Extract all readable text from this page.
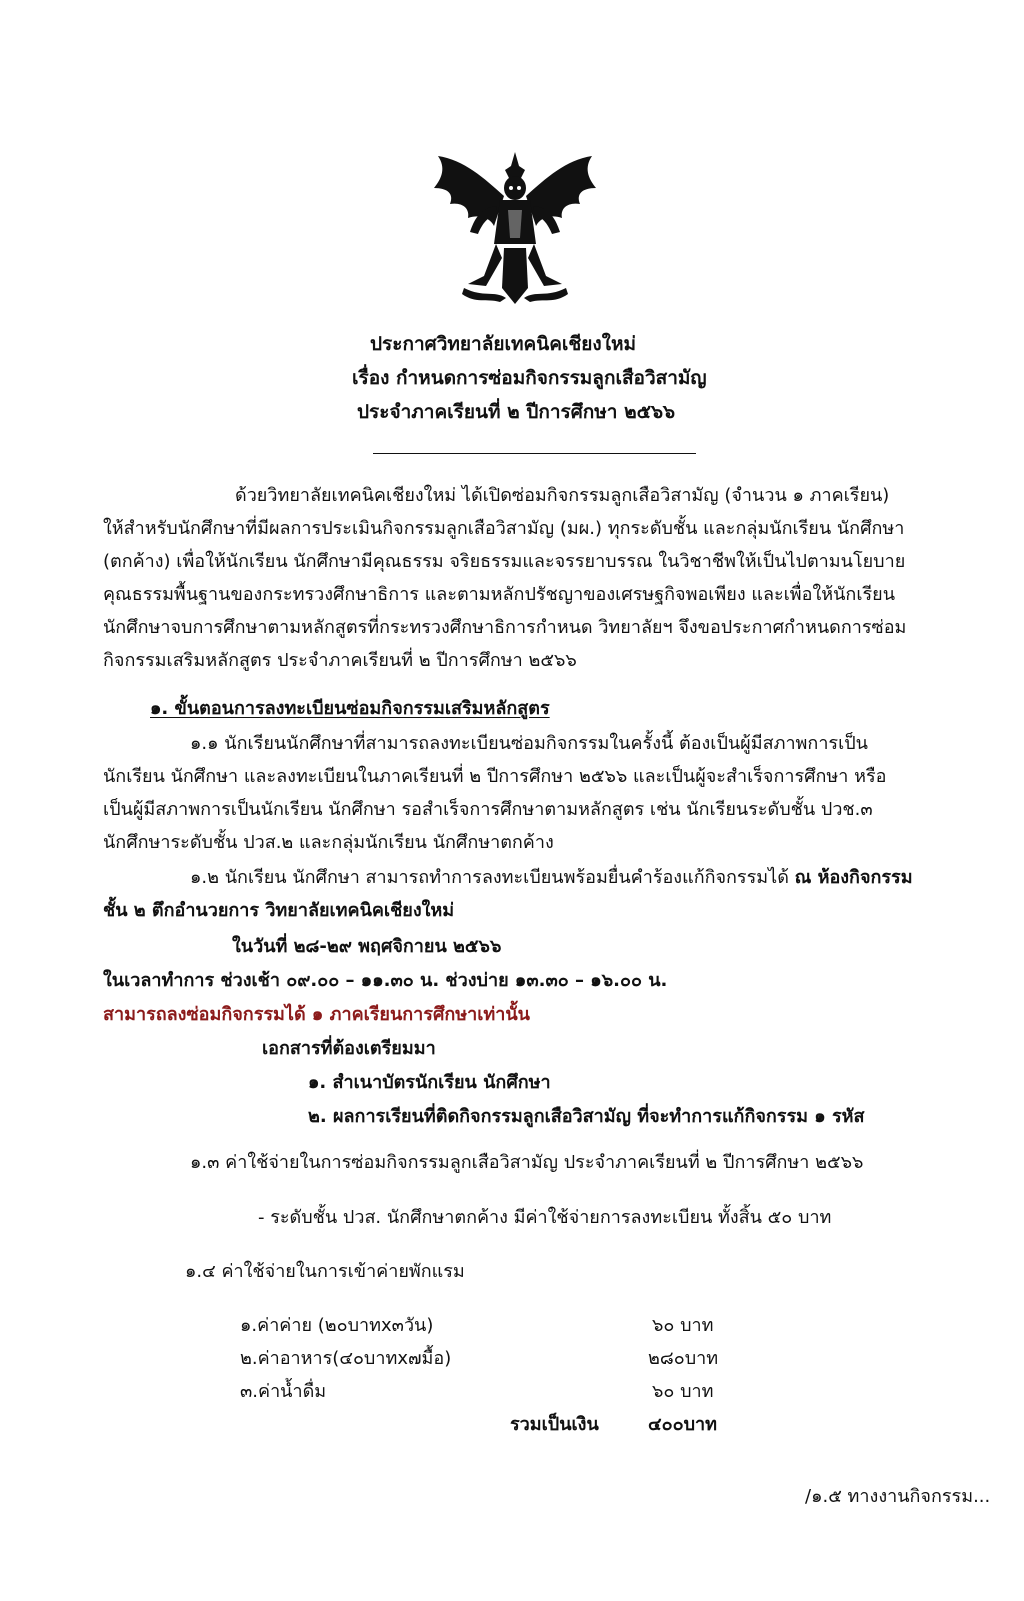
ประกาศวิทยาลัยเทคนิคเชียงใหม่
เรื่อง กำหนดการซ่อมกิจกรรมลูกเสือวิสามัญ
ประจำภาคเรียนที่ ๒ ปีการศึกษา ๒๕๖๖
ด้วยวิทยาลัยเทคนิคเชียงใหม่ ได้เปิดซ่อมกิจกรรมลูกเสือวิสามัญ (จำนวน ๑ ภาคเรียน)
ให้สำหรับนักศึกษาที่มีผลการประเมินกิจกรรมลูกเสือวิสามัญ (มผ.) ทุกระดับชั้น และกลุ่มนักเรียน นักศึกษา
(ตกค้าง) เพื่อให้นักเรียน นักศึกษามีคุณธรรม จริยธรรมและจรรยาบรรณ ในวิชาชีพให้เป็นไปตามนโยบาย
คุณธรรมพื้นฐานของกระทรวงศึกษาธิการ และตามหลักปรัชญาของเศรษฐกิจพอเพียง และเพื่อให้นักเรียน
นักศึกษาจบการศึกษาตามหลักสูตรที่กระทรวงศึกษาธิการกำหนด วิทยาลัยฯ จึงขอประกาศกำหนดการซ่อม
กิจกรรมเสริมหลักสูตร ประจำภาคเรียนที่ ๒ ปีการศึกษา ๒๕๖๖
๑. ขั้นตอนการลงทะเบียนซ่อมกิจกรรมเสริมหลักสูตร
๑.๑ นักเรียนนักศึกษาที่สามารถลงทะเบียนซ่อมกิจกรรมในครั้งนี้ ต้องเป็นผู้มีสภาพการเป็น
นักเรียน นักศึกษา และลงทะเบียนในภาคเรียนที่ ๒ ปีการศึกษา ๒๕๖๖ และเป็นผู้จะสำเร็จการศึกษา หรือ
เป็นผู้มีสภาพการเป็นนักเรียน นักศึกษา รอสำเร็จการศึกษาตามหลักสูตร เช่น นักเรียนระดับชั้น ปวช.๓
นักศึกษาระดับชั้น ปวส.๒ และกลุ่มนักเรียน นักศึกษาตกค้าง
๑.๒ นักเรียน นักศึกษา สามารถทำการลงทะเบียนพร้อมยื่นคำร้องแก้กิจกรรมได้ ณ ห้องกิจกรรม
ชั้น ๒ ตึกอำนวยการ วิทยาลัยเทคนิคเชียงใหม่
ในวันที่ ๒๘-๒๙ พฤศจิกายน ๒๕๖๖
ในเวลาทำการ ช่วงเช้า ๐๙.๐๐ – ๑๑.๓๐ น. ช่วงบ่าย ๑๓.๓๐ – ๑๖.๐๐ น.
สามารถลงซ่อมกิจกรรมได้ ๑ ภาคเรียนการศึกษาเท่านั้น
เอกสารที่ต้องเตรียมมา
๑. สำเนาบัตรนักเรียน นักศึกษา
๒. ผลการเรียนที่ติดกิจกรรมลูกเสือวิสามัญ ที่จะทำการแก้กิจกรรม ๑ รหัส
๑.๓ ค่าใช้จ่ายในการซ่อมกิจกรรมลูกเสือวิสามัญ ประจำภาคเรียนที่ ๒ ปีการศึกษา ๒๕๖๖
- ระดับชั้น ปวส. นักศึกษาตกค้าง มีค่าใช้จ่ายการลงทะเบียน ทั้งสิ้น ๕๐ บาท
๑.๔ ค่าใช้จ่ายในการเข้าค่ายพักแรม
๑.ค่าค่าย (๒๐บาทx๓วัน)	๖๐ บาท
๒.ค่าอาหาร(๔๐บาทx๗มื้อ)	๒๘๐บาท
๓.ค่าน้ำดื่ม	๖๐ บาท
รวมเป็นเงิน	๔๐๐บาท
/๑.๕ ทางงานกิจกรรม...
